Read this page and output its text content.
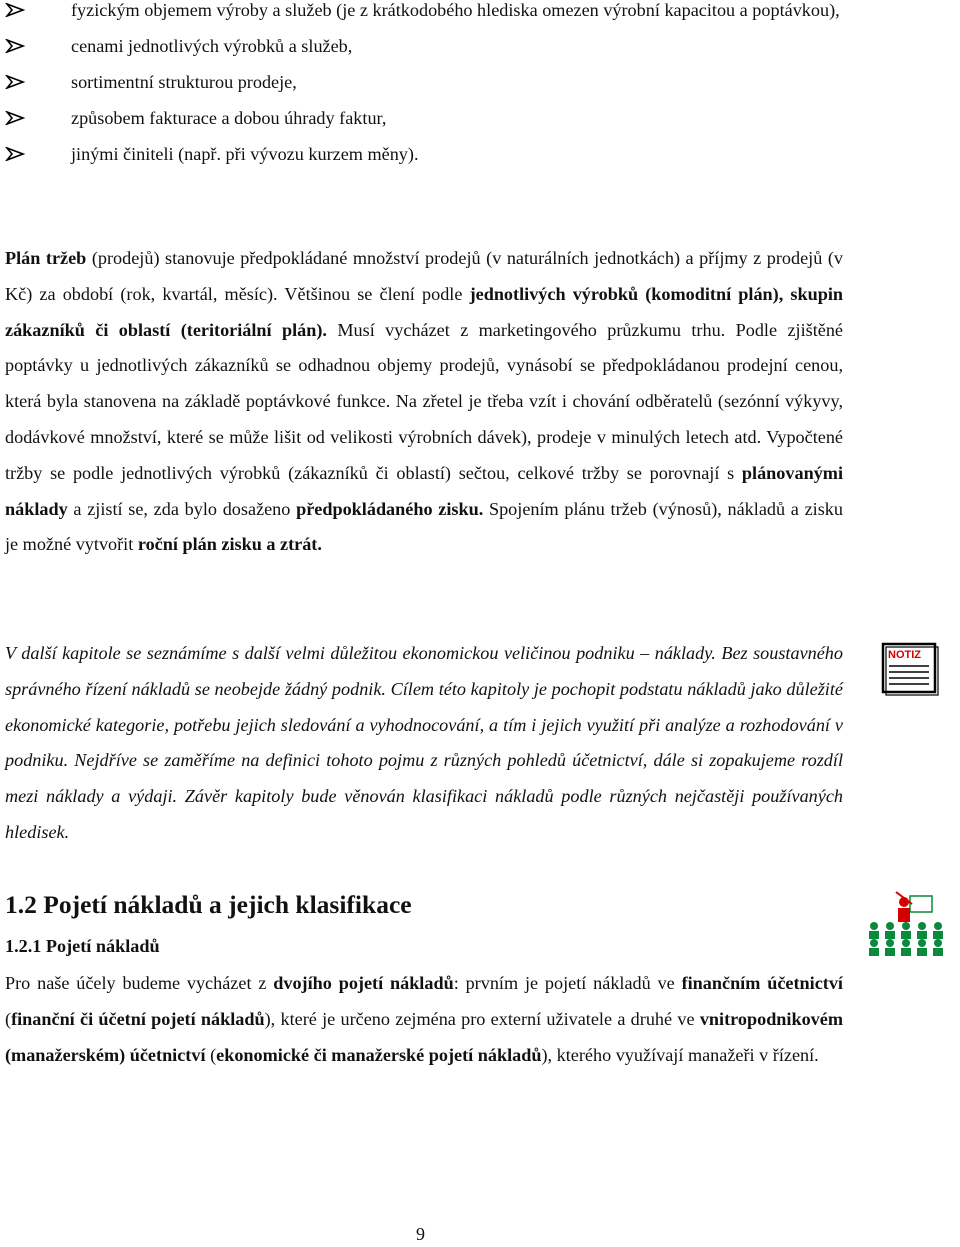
fyzickým objemem výroby a služeb (je z krátkodobého hlediska omezen výrobní kapacitou a poptávkou),
cenami jednotlivých výrobků a služeb,
sortimentní strukturou prodeje,
způsobem fakturace a dobou úhrady faktur,
jinými činiteli (např. při vývozu kurzem měny).

Plán tržeb (prodejů) stanovuje předpokládané množství prodejů (v naturálních jednotkách) a příjmy z prodejů (v Kč) za období (rok, kvartál, měsíc). Většinou se člení podle jednotlivých výrobků (komoditní plán), skupin zákazníků či oblastí (teritoriální plán). Musí vycházet z marketingového průzkumu trhu. Podle zjištěné poptávky u jednotlivých zákazníků se odhadnou objemy prodejů, vynásobí se předpokládanou prodejní cenou, která byla stanovena na základě poptávkové funkce. Na zřetel je třeba vzít i chování odběratelů (sezónní výkyvy, dodávkové množství, které se může lišit od velikosti výrobních dávek), prodeje v minulých letech atd. Vypočtené tržby se podle jednotlivých výrobků (zákazníků či oblastí) sečtou, celkové tržby se porovnají s plánovanými náklady a zjistí se, zda bylo dosaženo předpokládaného zisku. Spojením plánu tržeb (výnosů), nákladů a zisku je možné vytvořit roční plán zisku a ztrát.

V další kapitole se seznámíme s další velmi důležitou ekonomickou veličinou podniku – náklady. Bez soustavného správného řízení nákladů se neobejde žádný podnik. Cílem této kapitoly je pochopit podstatu nákladů jako důležité ekonomické kategorie, potřebu jejich sledování a vyhodnocování, a tím i jejich využití při analýze a rozhodování v podniku. Nejdříve se zaměříme na definici tohoto pojmu z různých pohledů účetnictví, dále si zopakujeme rozdíl mezi náklady a výdaji. Závěr kapitoly bude věnován klasifikaci nákladů podle různých nejčastěji používaných hledisek.

1.2.1 Pojetí nákladů

Pro naše účely budeme vycházet z dvojího pojetí nákladů: prvním je pojetí nákladů ve finančním účetnictví (finanční či účetní pojetí nákladů), které je určeno zejména pro externí uživatele a druhé ve vnitropodnikovém (manažerském) účetnictví (ekonomické či manažerské pojetí nákladů), kterého využívají manažeři v řízení.

1.2 Pojetí nákladů a jejich klasifikace
NOTIZ
9
